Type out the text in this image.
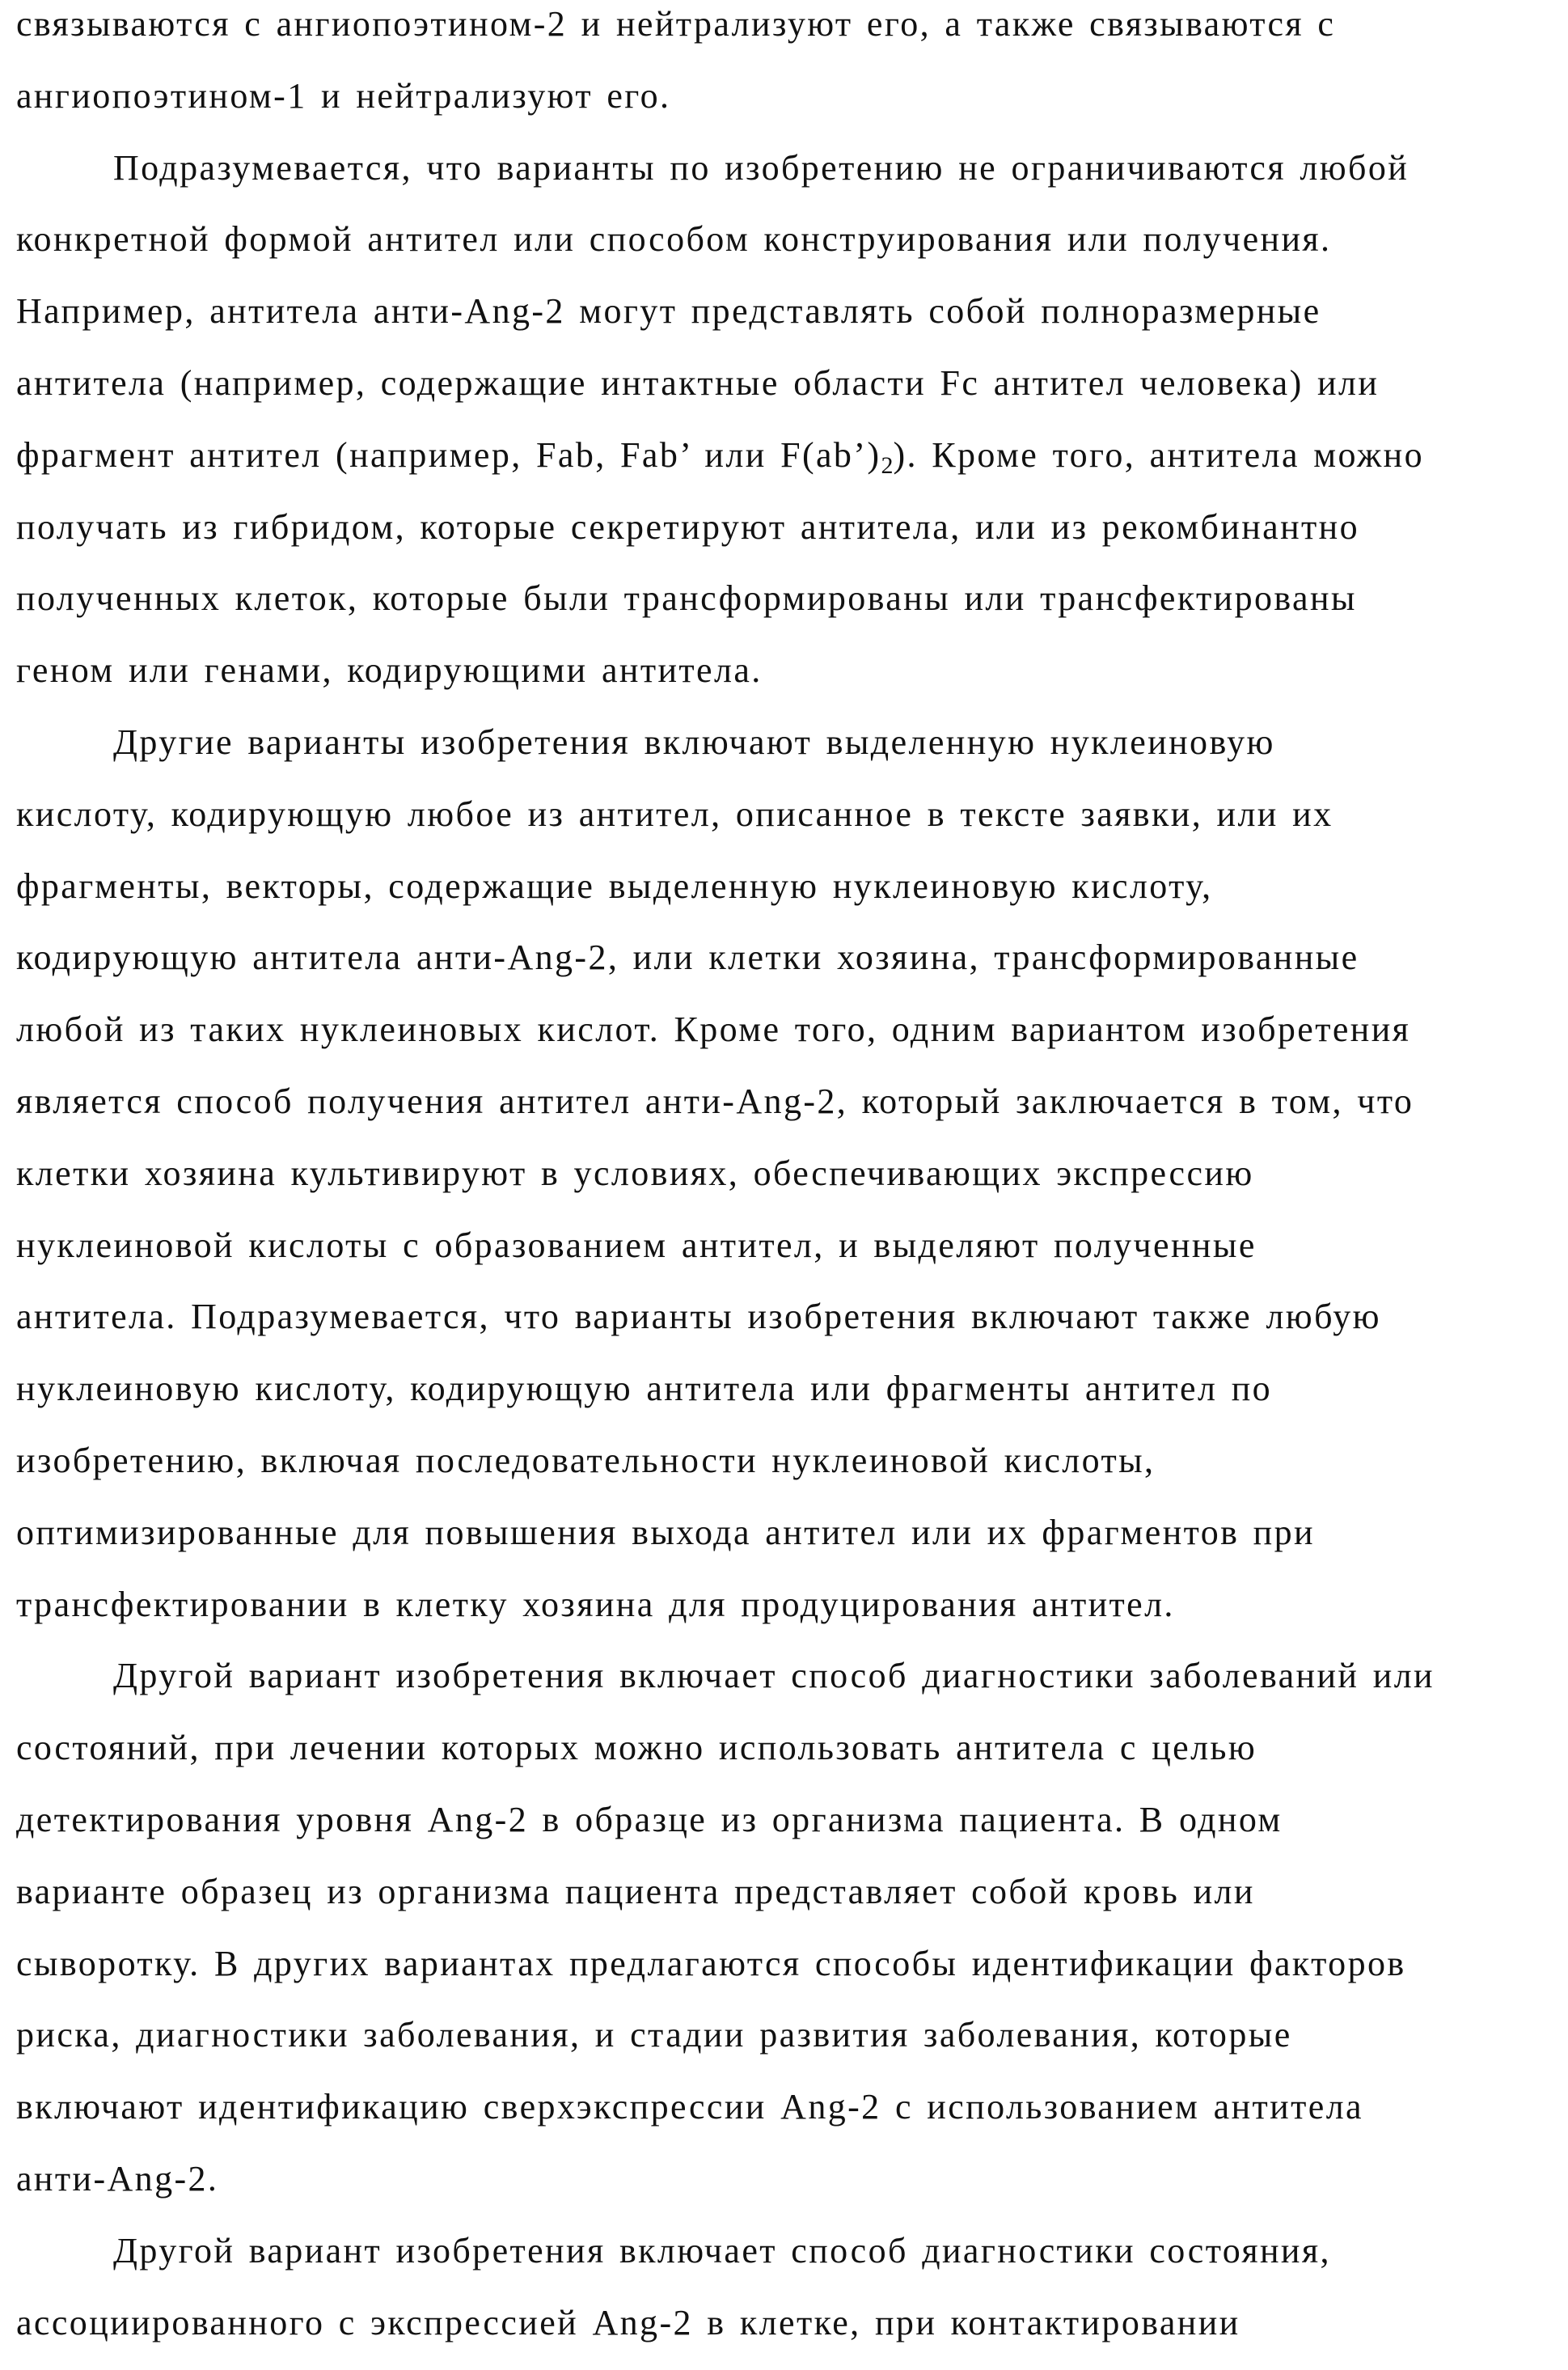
связываются с ангиопоэтином-2 и нейтрализуют его, а также связываются с
ангиопоэтином-1 и нейтрализуют его.
Подразумевается, что варианты по изобретению не ограничиваются любой
конкретной формой антител или способом конструирования или получения.
Например, антитела анти-Ang-2 могут представлять собой полноразмерные
антитела (например, содержащие интактные области Fc антител человека) или
фрагмент антител (например, Fab, Fab’ или $F(ab’)_2$). Кроме того, антитела можно
получать из гибридом, которые секретируют антитела, или из рекомбинантно
полученных клеток, которые были трансформированы или трансфектированы
геном или генами, кодирующими антитела.
Другие варианты изобретения включают выделенную нуклеиновую
кислоту, кодирующую любое из антител, описанное в тексте заявки, или их
фрагменты, векторы, содержащие выделенную нуклеиновую кислоту,
кодирующую антитела анти-Ang-2, или клетки хозяина, трансформированные
любой из таких нуклеиновых кислот. Кроме того, одним вариантом изобретения
является способ получения антител анти-Ang-2, который заключается в том, что
клетки хозяина культивируют в условиях, обеспечивающих экспрессию
нуклеиновой кислоты с образованием антител, и выделяют полученные
антитела. Подразумевается, что варианты изобретения включают также любую
нуклеиновую кислоту, кодирующую антитела или фрагменты антител по
изобретению, включая последовательности нуклеиновой кислоты,
оптимизированные для повышения выхода антител или их фрагментов при
трансфектировании в клетку хозяина для продуцирования антител.
Другой вариант изобретения включает способ диагностики заболеваний или
состояний, при лечении которых можно использовать антитела с целью
детектирования уровня Ang-2 в образце из организма пациента. В одном
варианте образец из организма пациента представляет собой кровь или
сыворотку. В других вариантах предлагаются способы идентификации факторов
риска, диагностики заболевания, и стадии развития заболевания, которые
включают идентификацию сверхэкспрессии Ang-2 с использованием антитела
анти-Ang-2.
Другой вариант изобретения включает способ диагностики состояния,
ассоциированного с экспрессией Ang-2 в клетке, при контактировании
